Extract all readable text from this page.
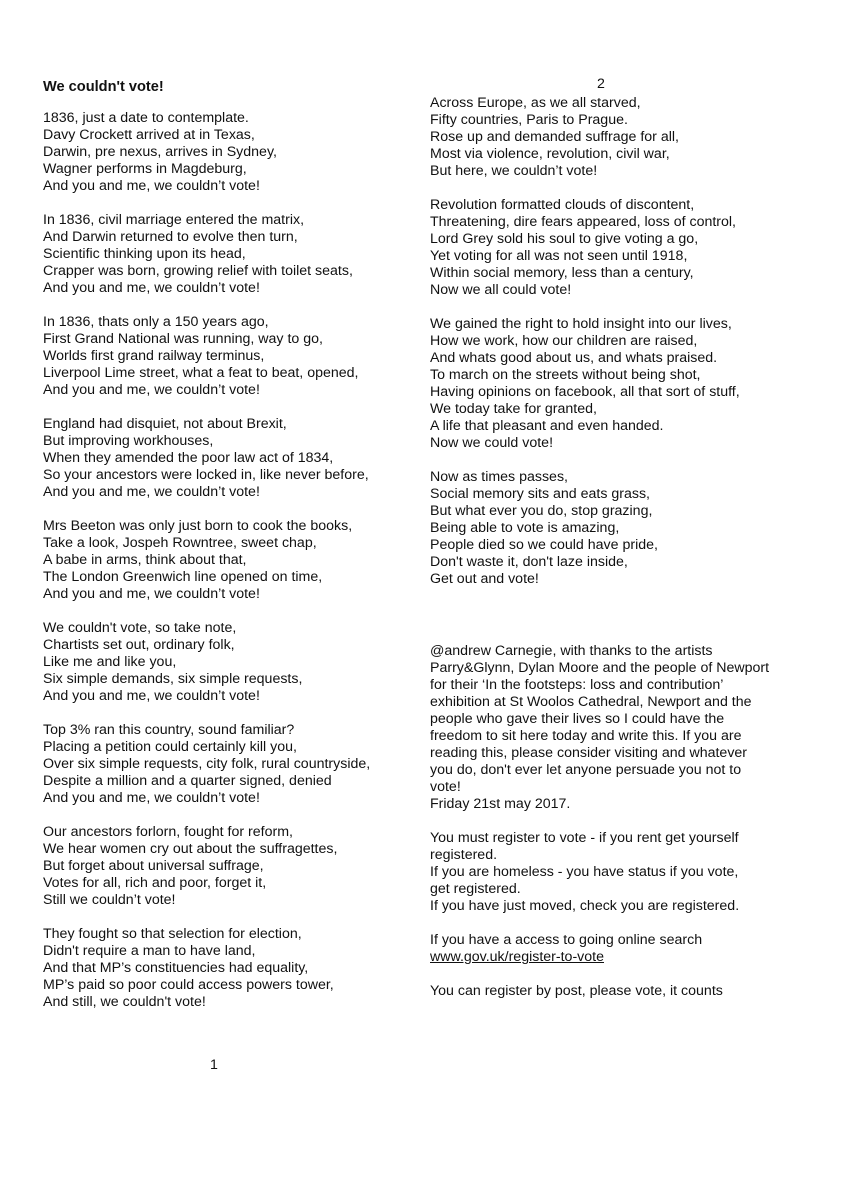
We couldn't vote!
1836, just a date to contemplate.
Davy Crockett arrived at in Texas,
Darwin, pre nexus, arrives in Sydney,
Wagner performs in Magdeburg,
And you and me, we couldn’t vote!
In 1836, civil marriage entered the matrix,
And Darwin returned to evolve then turn,
Scientific thinking upon its head,
Crapper was born, growing relief with toilet seats,
And you and me, we couldn’t vote!
In 1836, thats only a 150 years ago,
First Grand National was running, way to go,
Worlds first grand railway terminus,
Liverpool Lime street, what a feat to beat, opened,
And you and me, we couldn’t vote!
England had disquiet, not about Brexit,
But improving workhouses,
When they amended the poor law act of 1834,
So your ancestors were locked in, like never before,
And you and me, we couldn’t vote!
Mrs Beeton was only just born to cook the books,
Take a look, Jospeh Rowntree, sweet chap,
A babe in arms, think about that,
The London Greenwich line opened on time,
And you and me, we couldn’t vote!
We couldn't vote, so take note,
Chartists set out, ordinary folk,
Like me and like you,
Six simple demands, six simple requests,
And you and me, we couldn’t vote!
Top 3% ran this country, sound familiar?
Placing a petition could certainly kill you,
Over six simple requests, city folk, rural countryside,
Despite a million and a quarter signed, denied
And you and me, we couldn’t vote!
Our ancestors forlorn, fought for reform,
We hear women cry out about the suffragettes,
But forget about universal suffrage,
Votes for all, rich and poor, forget it,
Still we couldn’t vote!
They fought so that selection for election,
Didn't require a man to have land,
And that MP’s constituencies had equality,
MP’s paid so poor could access powers tower,
And still, we couldn't vote!
1
2
Across Europe, as we all starved,
Fifty countries, Paris to Prague.
Rose up and demanded suffrage for all,
Most via violence, revolution, civil war,
But here, we couldn’t vote!
Revolution formatted clouds of discontent,
Threatening, dire fears appeared, loss of control,
Lord Grey sold his soul to give voting a go,
Yet voting for all was not seen until 1918,
Within social memory, less than a century,
Now we all could vote!
We gained the right to hold insight into our lives,
How we work, how our children are raised,
And whats good about us, and whats praised.
To march on the streets without being shot,
Having opinions on facebook, all that sort of stuff,
We today take for granted,
A life that pleasant and even handed.
Now we could vote!
Now as times passes,
Social memory sits and eats grass,
But what ever you do, stop grazing,
Being able to vote is amazing,
People died so we could have pride,
Don't waste it, don't laze inside,
Get out and vote!
@andrew Carnegie, with thanks to the artists
Parry&Glynn, Dylan Moore and the people of Newport
for their ‘In the footsteps: loss and contribution’
exhibition at St Woolos Cathedral, Newport and the
people who gave their lives so I could have the
freedom to sit here today and write this. If you are
reading this, please consider visiting and whatever
you do, don't ever let anyone persuade you not to
vote!
Friday 21st may 2017.
You must register to vote - if you rent get yourself
registered.
If you are homeless - you have status if you vote,
get registered.
If you have just moved, check you are registered.
If you have a access to going online search
www.gov.uk/register-to-vote
You can register by post, please vote, it counts
